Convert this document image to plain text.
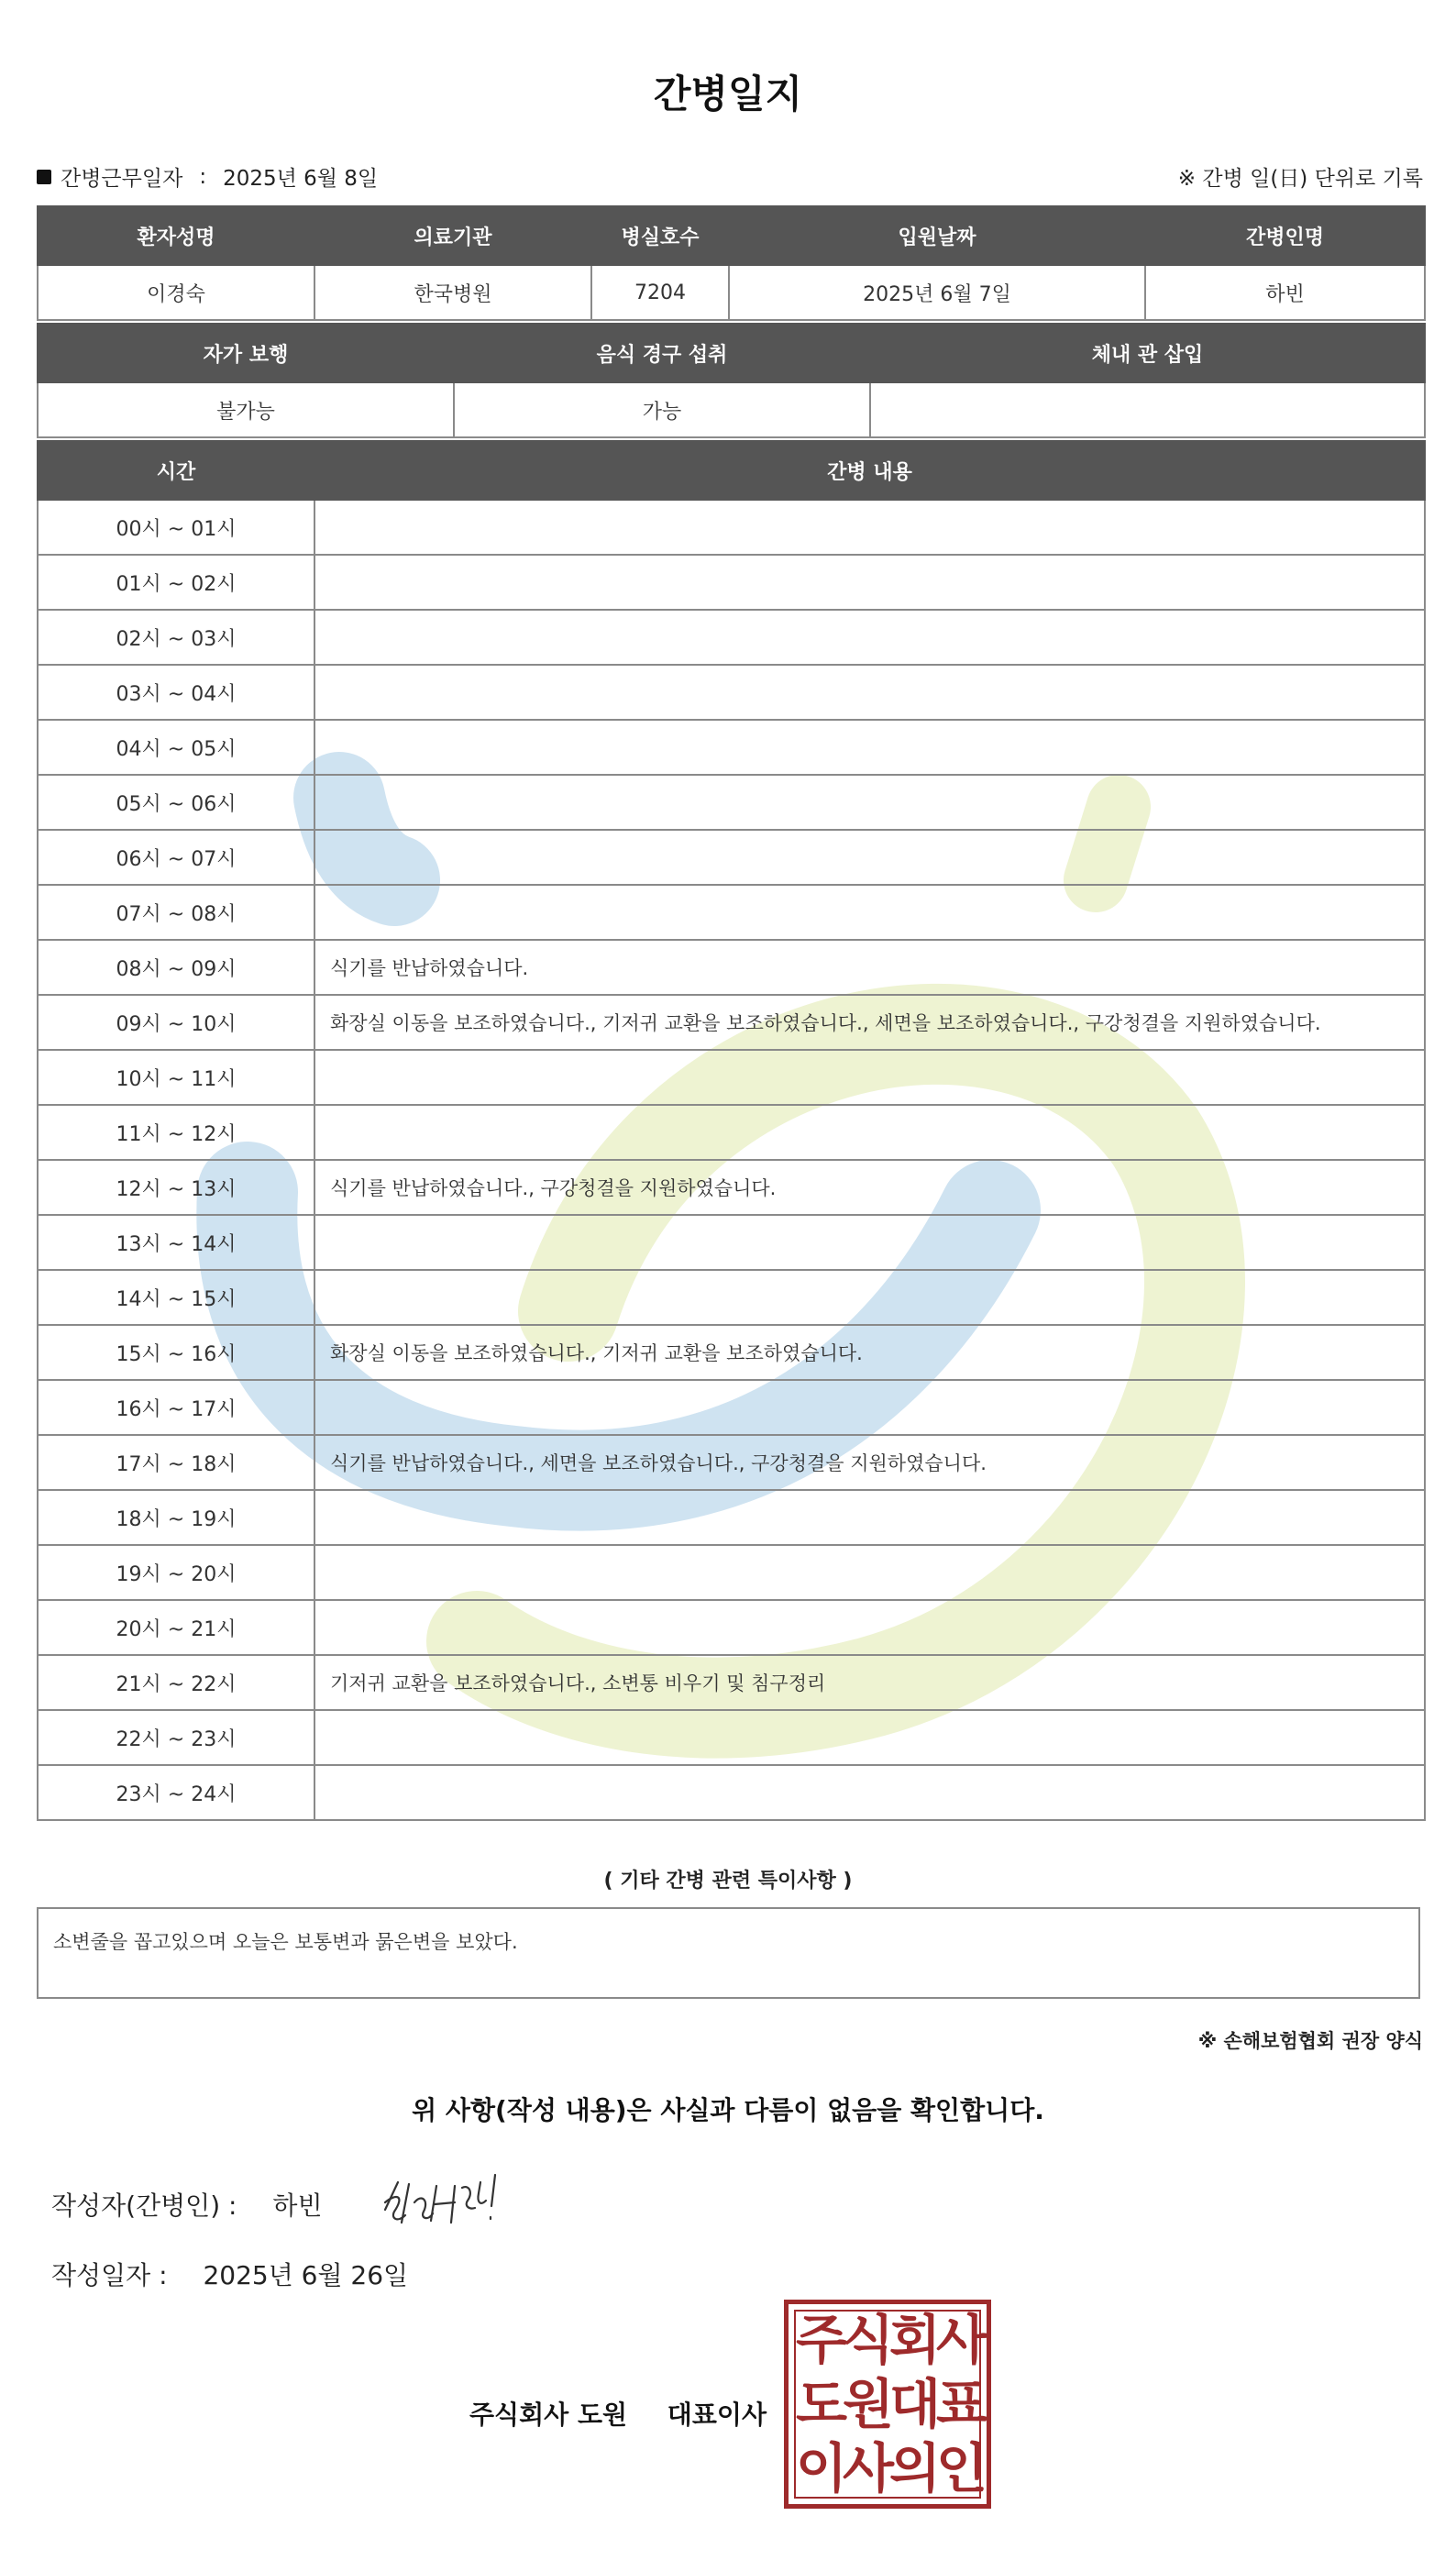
간병일지
간병근무일자 : 2025년 6월 8일	※ 간병 일(日) 단위로 기록
환자성명	의료기관	병실호수	입원날짜	간병인명
이경숙	한국병원	7204	2025년 6월 7일	하빈
자가 보행	음식 경구 섭취	체내 관 삽입
불가능	가능	
시간	간병 내용
00시 ~ 01시	
01시 ~ 02시	
02시 ~ 03시	
03시 ~ 04시	
04시 ~ 05시	
05시 ~ 06시	
06시 ~ 07시	
07시 ~ 08시	
08시 ~ 09시	식기를 반납하였습니다.
09시 ~ 10시	화장실 이동을 보조하였습니다., 기저귀 교환을 보조하였습니다., 세면을 보조하였습니다., 구강청결을 지원하였습니다.
10시 ~ 11시	
11시 ~ 12시	
12시 ~ 13시	식기를 반납하였습니다., 구강청결을 지원하였습니다.
13시 ~ 14시	
14시 ~ 15시	
15시 ~ 16시	화장실 이동을 보조하였습니다., 기저귀 교환을 보조하였습니다.
16시 ~ 17시	
17시 ~ 18시	식기를 반납하였습니다., 세면을 보조하였습니다., 구강청결을 지원하였습니다.
18시 ~ 19시	
19시 ~ 20시	
20시 ~ 21시	
21시 ~ 22시	기저귀 교환을 보조하였습니다., 소변통 비우기 및 침구정리
22시 ~ 23시	
23시 ~ 24시	
( 기타 간병 관련 특이사항 )
소변줄을 꼽고있으며 오늘은 보통변과 묽은변을 보았다.
※ 손해보험협회 권장 양식
위 사항(작성 내용)은 사실과 다름이 없음을 확인합니다.
작성자(간병인) : 하빈
작성일자 : 2025년 6월 26일
주식회사 도원 대표이사
주
식
회
사
도
원
대
표
이
사
의
인
